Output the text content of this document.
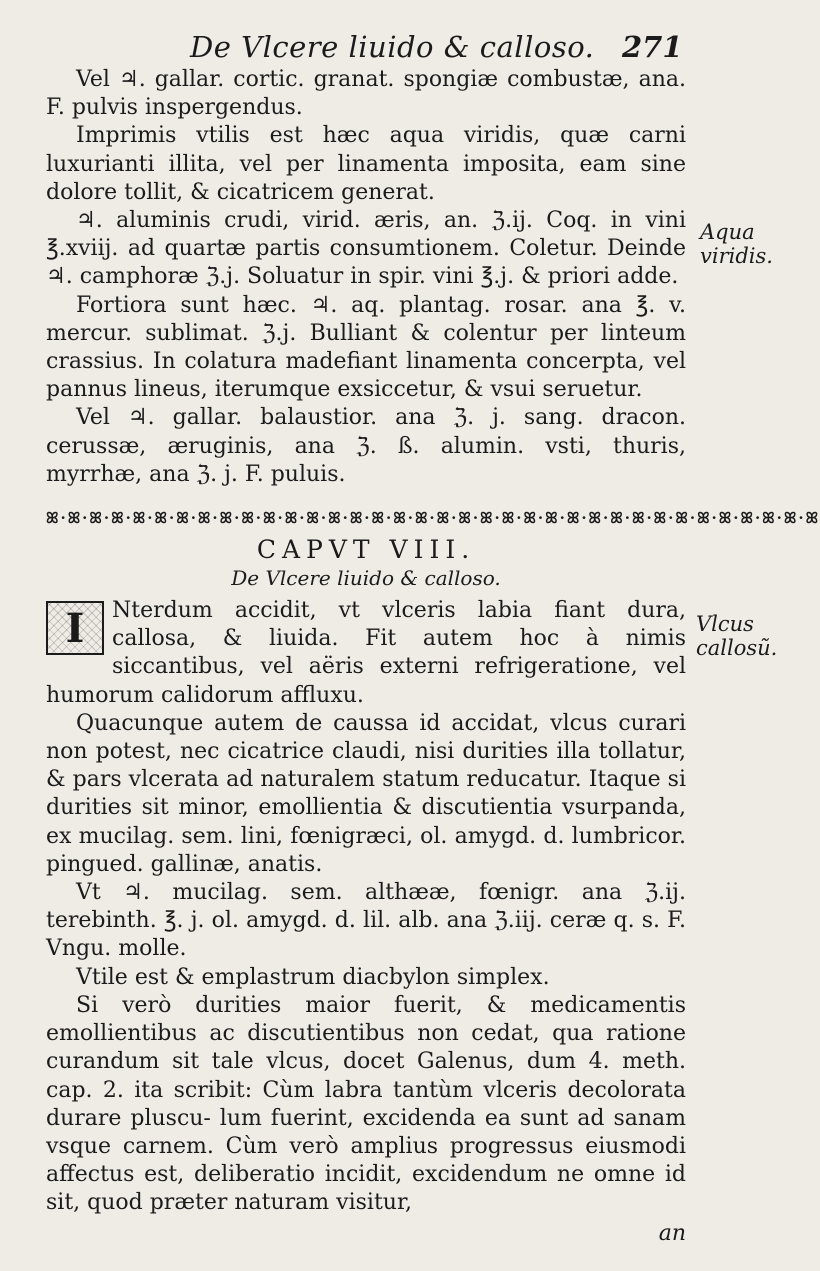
De Vlcere liuido & calloso. 271

Vel ♃. gallar. cortic. granat. spongiæ combustæ, ana. F. pulvis inspergendus.

Imprimis vtilis est hæc aqua viridis, quæ carni luxurianti illita, vel per linamenta imposita, eam sine dolore tollit, & cicatricem generat.

♃. aluminis crudi, virid. æris, an. ℨ.ij. Coq. in vini ℥.xviij. ad quartæ partis consumtionem. Coletur. Deinde ♃. camphoræ ℨ.j. Soluatur in spir. vini ℥.j. & priori adde.

Fortiora sunt hæc. ♃. aq. plantag. rosar. ana ℥. v. mercur. sublimat. ℨ.j. Bulliant & colentur per linteum crassius. In colatura madefiant linamenta concerpta, vel pannus lineus, iterumque exsiccetur, & vsui seruetur.

Vel ♃. gallar. balaustior. ana ℨ. j. sang. dracon. cerussæ, æruginis, ana ℨ. ß. alumin. vsti, thuris, myrrhæ, ana ℨ. j. F. puluis.

ꕤ·ꕤ·ꕤ·ꕤ·ꕤ·ꕤ·ꕤ·ꕤ·ꕤ·ꕤ·ꕤ·ꕤ·ꕤ·ꕤ·ꕤ·ꕤ·ꕤ·ꕤ·ꕤ·ꕤ·ꕤ·ꕤ·ꕤ·ꕤ·ꕤ·ꕤ·ꕤ·ꕤ·ꕤ·ꕤ·ꕤ·ꕤ·ꕤ·ꕤ·ꕤ·ꕤ
CAPVT VIII.
De Vlcere liuido & calloso.
I	Nterdum accidit, vt vlceris labia fiant dura, callosa, & liuida. Fit autem hoc à nimis siccantibus, vel aëris externi refrigeratione, vel humorum calidorum affluxu.

Quacunque autem de caussa id accidat, vlcus curari non potest, nec cicatrice claudi, nisi durities illa tollatur, & pars vlcerata ad naturalem statum reducatur. Itaque si durities sit minor, emollientia & discutientia vsurpanda, ex mucilag. sem. lini, fœnigræci, ol. amygd. d. lumbricor. pingued. gallinæ, anatis.

Vt ♃. mucilag. sem. althææ, fœnigr. ana ℨ.ij. terebinth. ℥. j. ol. amygd. d. lil. alb. ana ℨ.iij. ceræ q. s. F. Vngu. molle.

Vtile est & emplastrum diacbylon simplex.

Si verò durities maior fuerit, & medicamentis emollientibus ac discutientibus non cedat, qua ratione curandum sit tale vlcus, docet Galenus, dum 4. meth. cap. 2. ita scribit: Cùm labra tantùm vlceris decolorata durare pluscu- lum fuerint, excidenda ea sunt ad sanam vsque carnem. Cùm verò amplius progressus eiusmodi affectus est, deliberatio incidit, excidendum ne omne id sit, quod præter naturam visitur,

an

Aqua
viridis.
Vlcus
callosũ.
